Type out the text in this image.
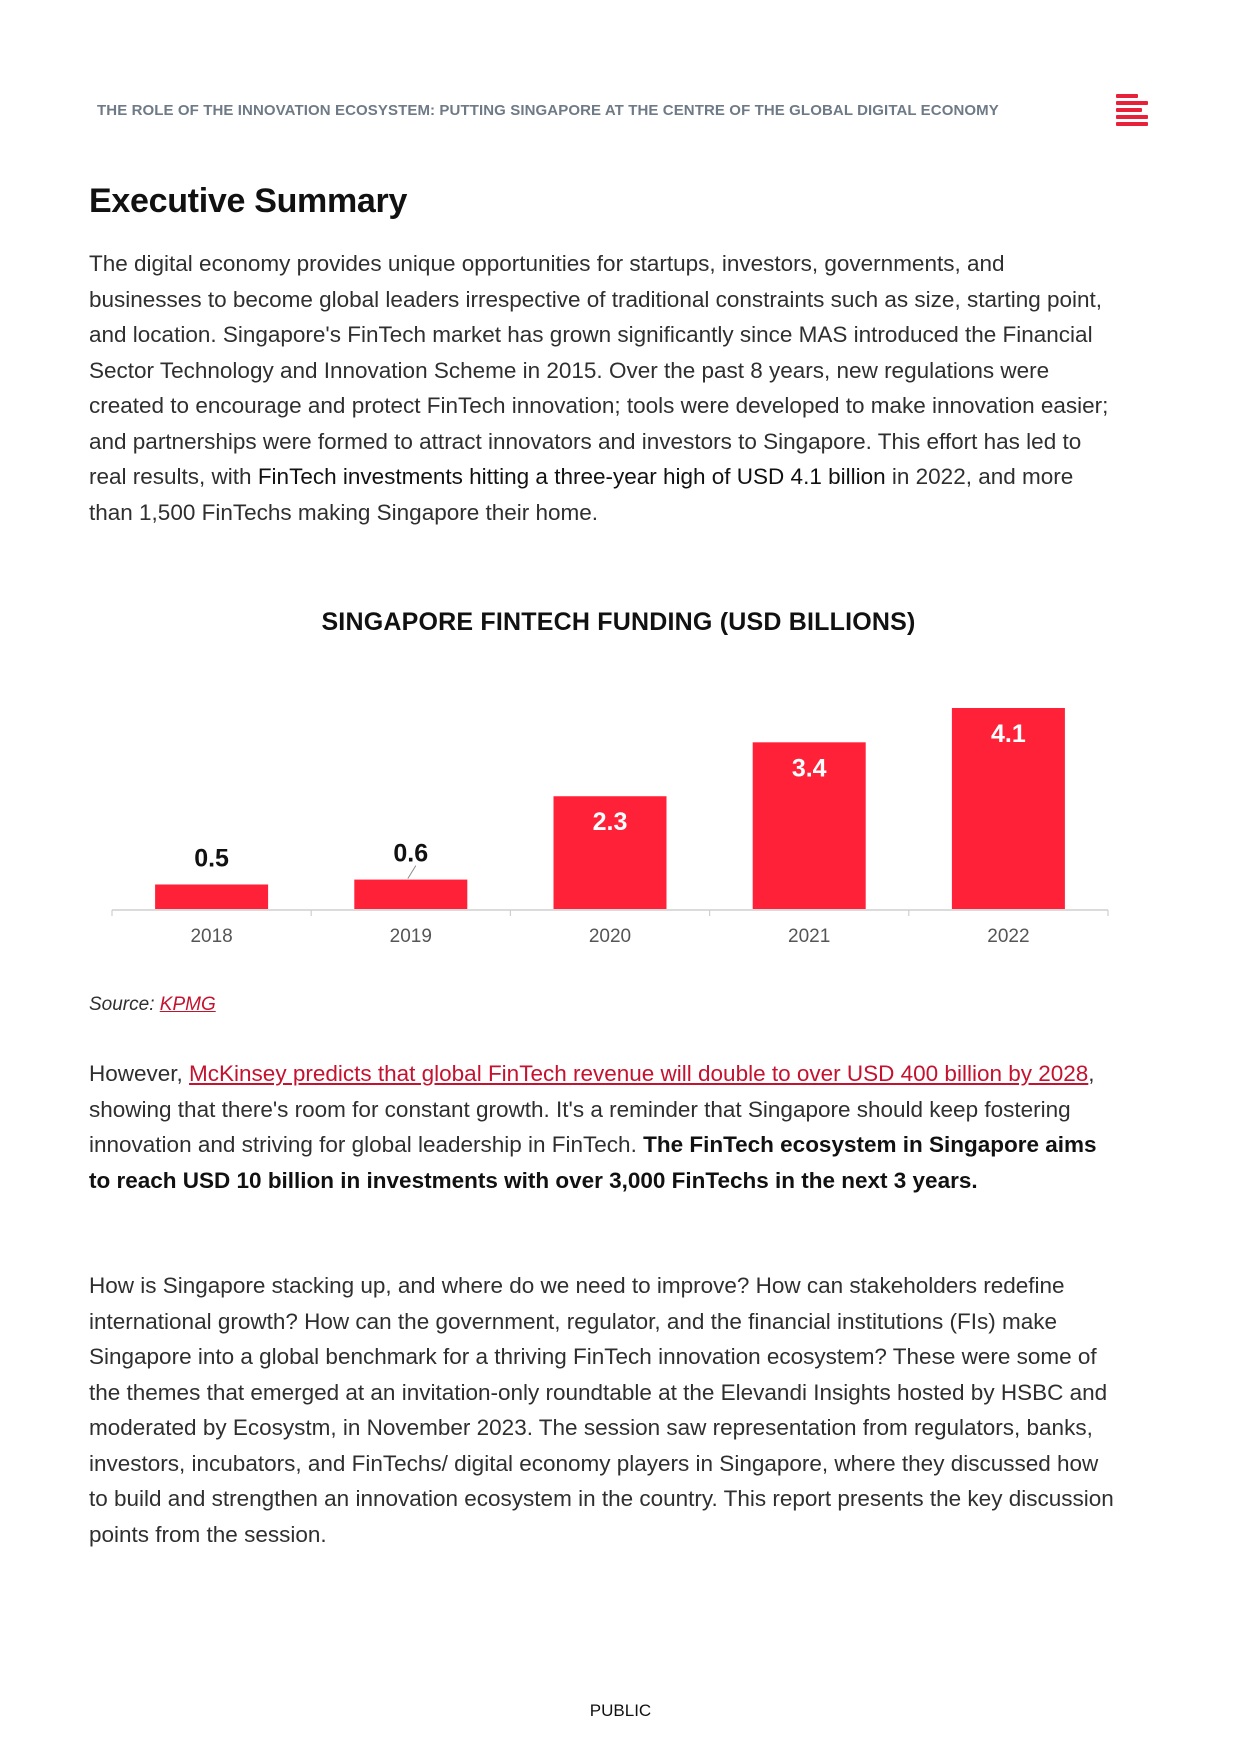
THE ROLE OF THE INNOVATION ECOSYSTEM: PUTTING SINGAPORE AT THE CENTRE OF THE GLOBAL DIGITAL ECONOMY
Executive Summary
The digital economy provides unique opportunities for startups, investors, governments, and businesses to become global leaders irrespective of traditional constraints such as size, starting point, and location. Singapore's FinTech market has grown significantly since MAS introduced the Financial Sector Technology and Innovation Scheme in 2015. Over the past 8 years, new regulations were created to encourage and protect FinTech innovation; tools were developed to make innovation easier; and partnerships were formed to attract innovators and investors to Singapore. This effort has led to real results, with FinTech investments hitting a three-year high of USD 4.1 billion in 2022, and more than 1,500 FinTechs making Singapore their home.
SINGAPORE FINTECH FUNDING (USD BILLIONS)
0.5
2018
0.6
2019
2.3
2020
3.4
2021
4.1
2022
Source: KPMG
However, McKinsey predicts that global FinTech revenue will double to over USD 400 billion by 2028, showing that there's room for constant growth. It's a reminder that Singapore should keep fostering innovation and striving for global leadership in FinTech. The FinTech ecosystem in Singapore aims to reach USD 10 billion in investments with over 3,000 FinTechs in the next 3 years.
How is Singapore stacking up, and where do we need to improve? How can stakeholders redefine international growth? How can the government, regulator, and the financial institutions (FIs) make Singapore into a global benchmark for a thriving FinTech innovation ecosystem? These were some of the themes that emerged at an invitation-only roundtable at the Elevandi Insights hosted by HSBC and moderated by Ecosystm, in November 2023. The session saw representation from regulators, banks, investors, incubators, and FinTechs/ digital economy players in Singapore, where they discussed how to build and strengthen an innovation ecosystem in the country. This report presents the key discussion points from the session.
PUBLIC
